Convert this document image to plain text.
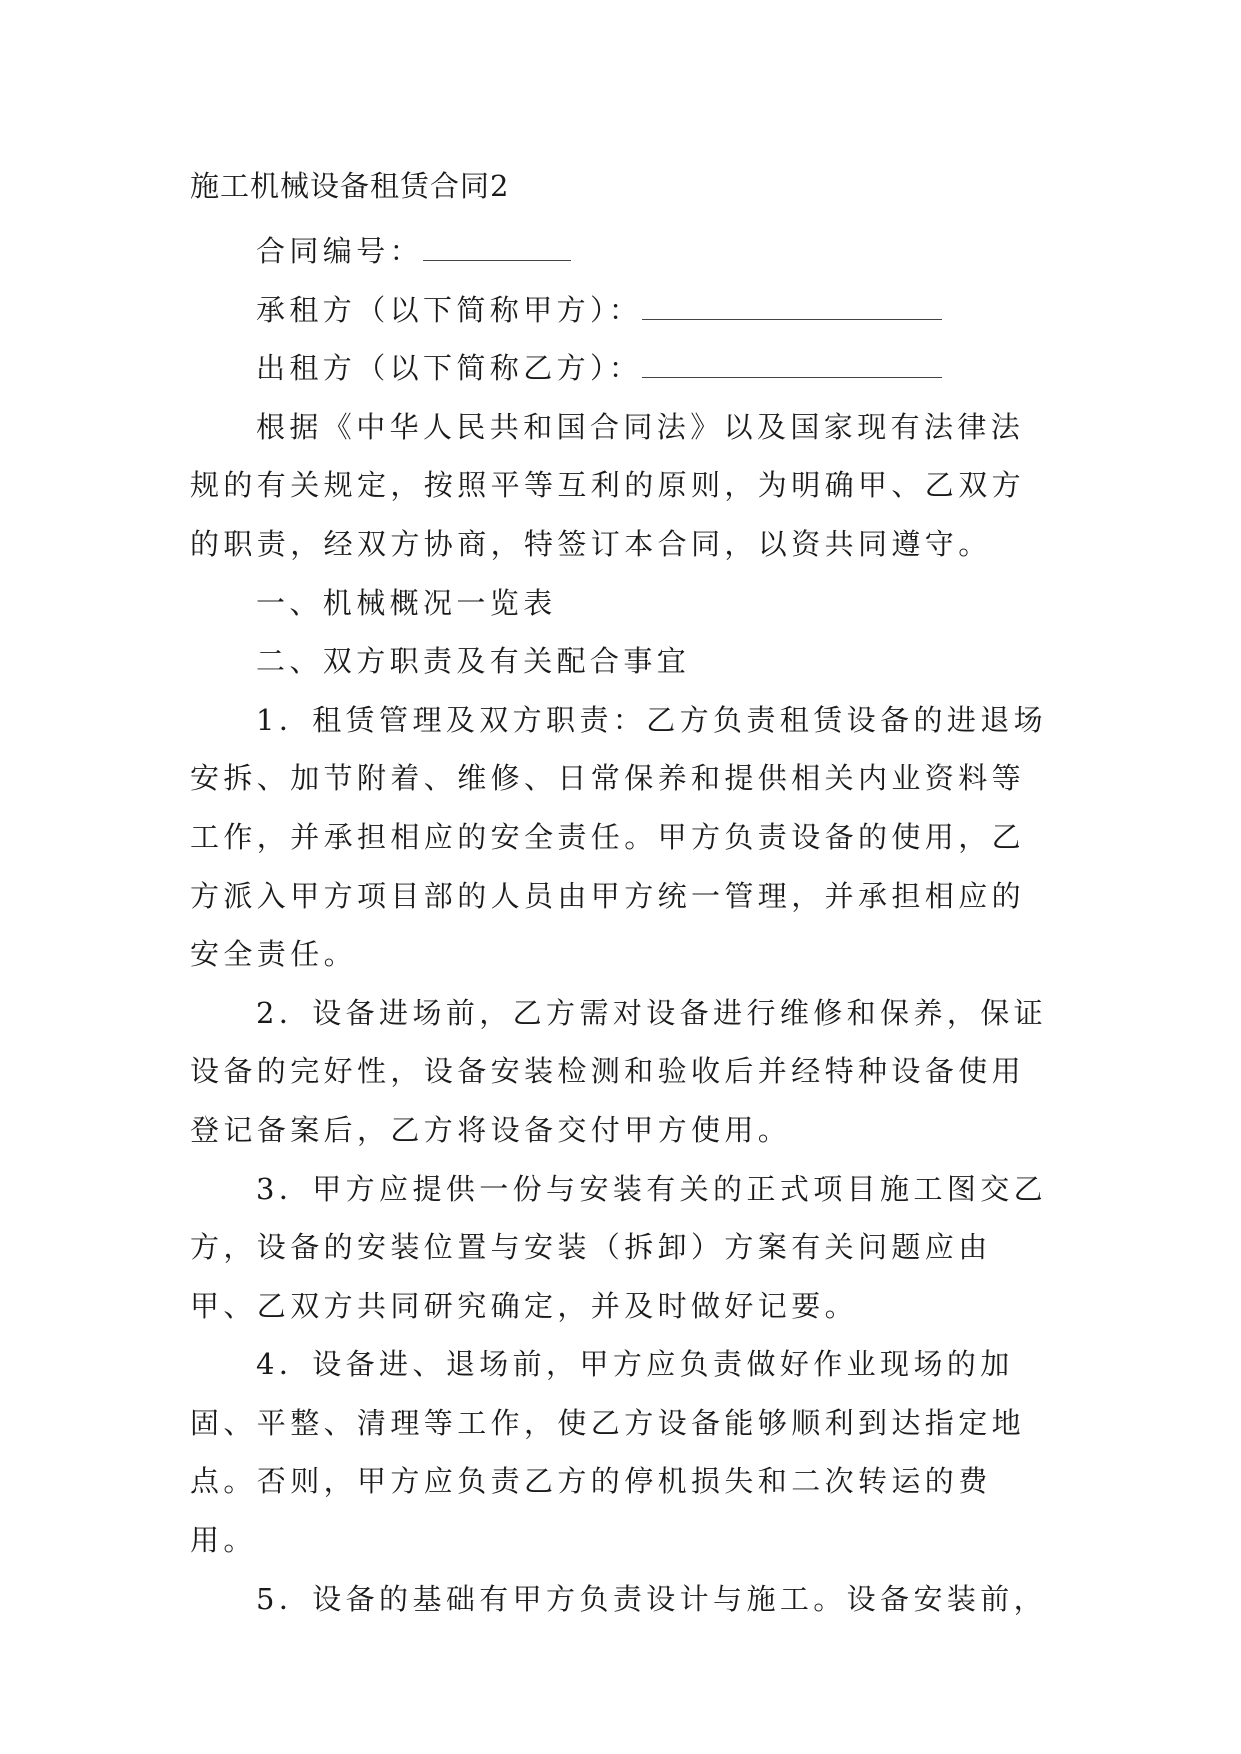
施工机械设备租赁合同2

合同编号：

承租方（以下简称甲方）：

出租方（以下简称乙方）：

根据《中华人民共和国合同法》以及国家现有法律法规的有关规定，按照平等互利的原则，为明确甲、乙双方的职责，经双方协商，特签订本合同，以资共同遵守。

一、机械概况一览表

二、双方职责及有关配合事宜

1．租赁管理及双方职责：乙方负责租赁设备的进退场安拆、加节附着、维修、日常保养和提供相关内业资料等工作，并承担相应的安全责任。甲方负责设备的使用，乙方派入甲方项目部的人员由甲方统一管理，并承担相应的安全责任。

2．设备进场前，乙方需对设备进行维修和保养，保证设备的完好性，设备安装检测和验收后并经特种设备使用登记备案后，乙方将设备交付甲方使用。

3．甲方应提供一份与安装有关的正式项目施工图交乙方，设备的安装位置与安装（拆卸）方案有关问题应由甲、乙双方共同研究确定，并及时做好记要。

4．设备进、退场前，甲方应负责做好作业现场的加固、平整、清理等工作，使乙方设备能够顺利到达指定地点。否则，甲方应负责乙方的停机损失和二次转运的费用。

5．设备的基础有甲方负责设计与施工。设备安装前，
